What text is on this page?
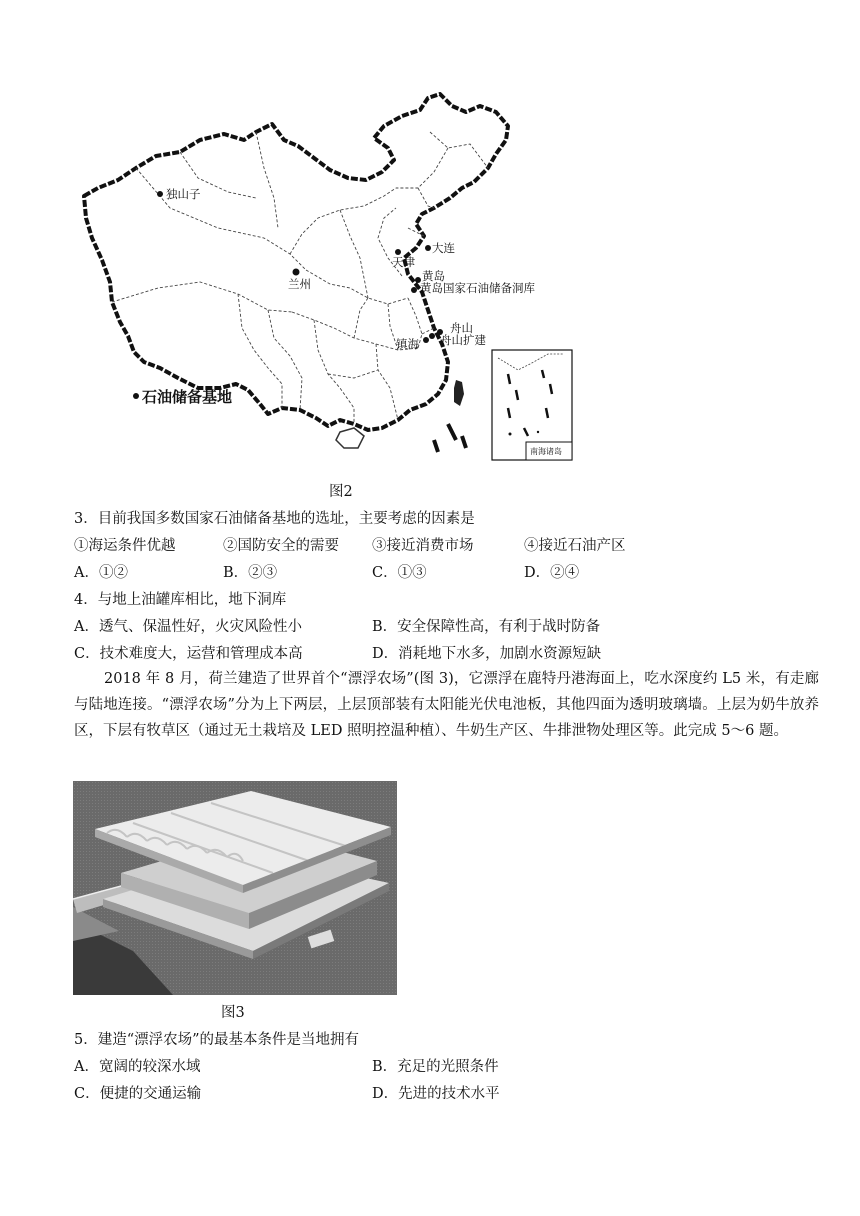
独山子
大连
天津
兰州
黄岛
黄岛国家石油储备洞库
舟山
镇海 舟山扩建
石油储备基地
南海诸岛
图2
3．目前我国多数国家石油储备基地的选址，主要考虑的因素是
①海运条件优越	②国防安全的需要 ③接近消费市场	④接近石油产区
A．①②	B．②③	C．①③	D．②④
4．与地上油罐库相比，地下洞库
A．透气、保温性好，火灾风险性小	B．安全保障性高，有利于战时防备
C．技术难度大，运营和管理成本高	D．消耗地下水多，加剧水资源短缺
2018 年 8 月，荷兰建造了世界首个“漂浮农场”(图 3)，它漂浮在鹿特丹港海面上，吃水深度约 L5 米，有走廊与陆地连接。“漂浮农场”分为上下两层，上层顶部装有太阳能光伏电池板，其他四面为透明玻璃墙。上层为奶牛放养区，下层有牧草区（通过无土栽培及 LED 照明控温种植）、牛奶生产区、牛排泄物处理区等。此完成 5～6 题。
图3
5．建造“漂浮农场”的最基本条件是当地拥有
A．宽阔的较深水域	B．充足的光照条件
C．便捷的交通运输	D．先进的技术水平
